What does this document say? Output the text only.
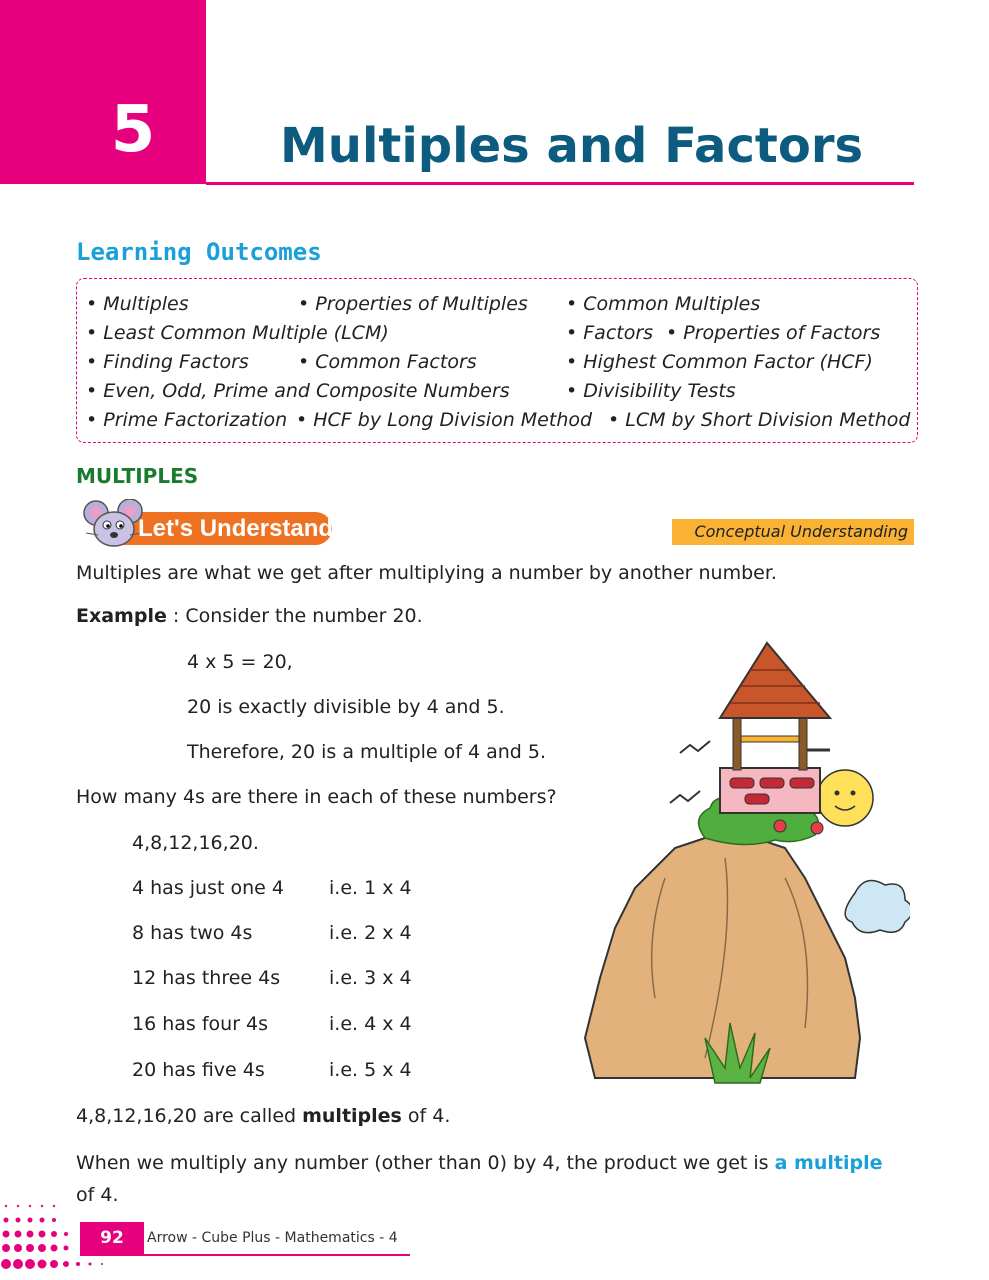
5	Multiples and Factors
Learning Outcomes
• Multiples	• Properties of Multiples • Common Multiples
• Least Common Multiple (LCM)	• Factors • Properties of Factors
• Finding Factors	• Common Factors	• Highest Common Factor (HCF)
• Even, Odd, Prime and Composite Numbers	• Divisibility Tests
• Prime Factorization • HCF by Long Division Method • LCM by Short Division Method
MULTIPLES
Let's Understand	Conceptual Understanding
Multiples are what we get after multiplying a number by another number.
Example : Consider the number 20.
4 x 5 = 20,
20 is exactly divisible by 4 and 5.
Therefore, 20 is a multiple of 4 and 5.
How many 4s are there in each of these numbers?
4,8,12,16,20.
4 has just one 4 i.e. 1 x 4
8 has two 4s	i.e. 2 x 4
12 has three 4s	i.e. 3 x 4
16 has four 4s	i.e. 4 x 4
20 has five 4s	i.e. 5 x 4
4,8,12,16,20 are called multiples of 4.
When we multiply any number (other than 0) by 4, the product we get is a multiple
of 4.
92	Arrow - Cube Plus - Mathematics - 4
